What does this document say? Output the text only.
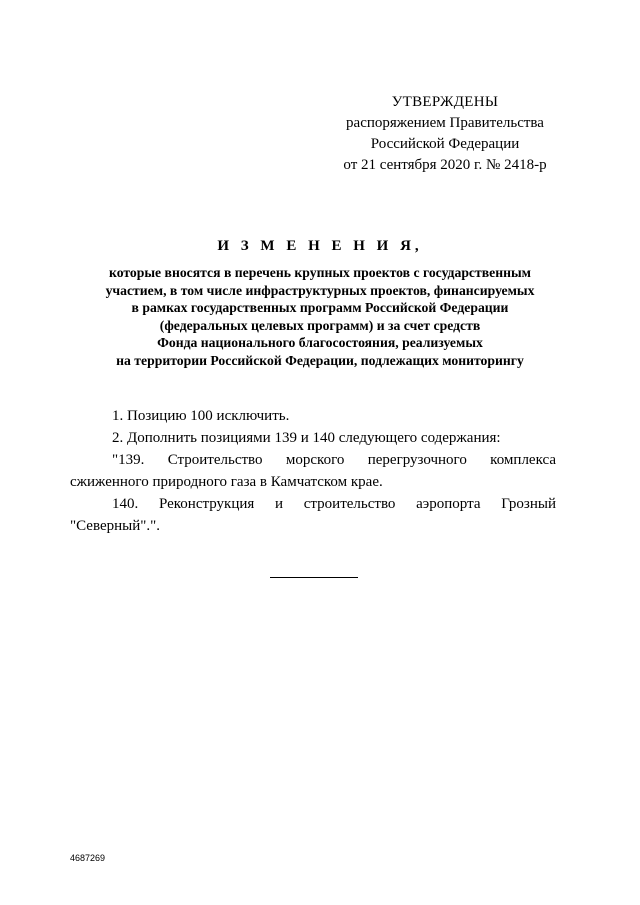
УТВЕРЖДЕНЫ
распоряжением Правительства
Российской Федерации
от 21 сентября 2020 г. № 2418-р
И З М Е Н Е Н И Я,
которые вносятся в перечень крупных проектов с государственным
участием, в том числе инфраструктурных проектов, финансируемых
в рамках государственных программ Российской Федерации
(федеральных целевых программ) и за счет средств
Фонда национального благосостояния, реализуемых
на территории Российской Федерации, подлежащих мониторингу

1. Позицию 100 исключить.

2. Дополнить позициями 139 и 140 следующего содержания:

"139. Строительство морского перегрузочного комплекса

сжиженного природного газа в Камчатском крае.

140. Реконструкция и строительство аэропорта Грозный

"Северный".".

4687269
